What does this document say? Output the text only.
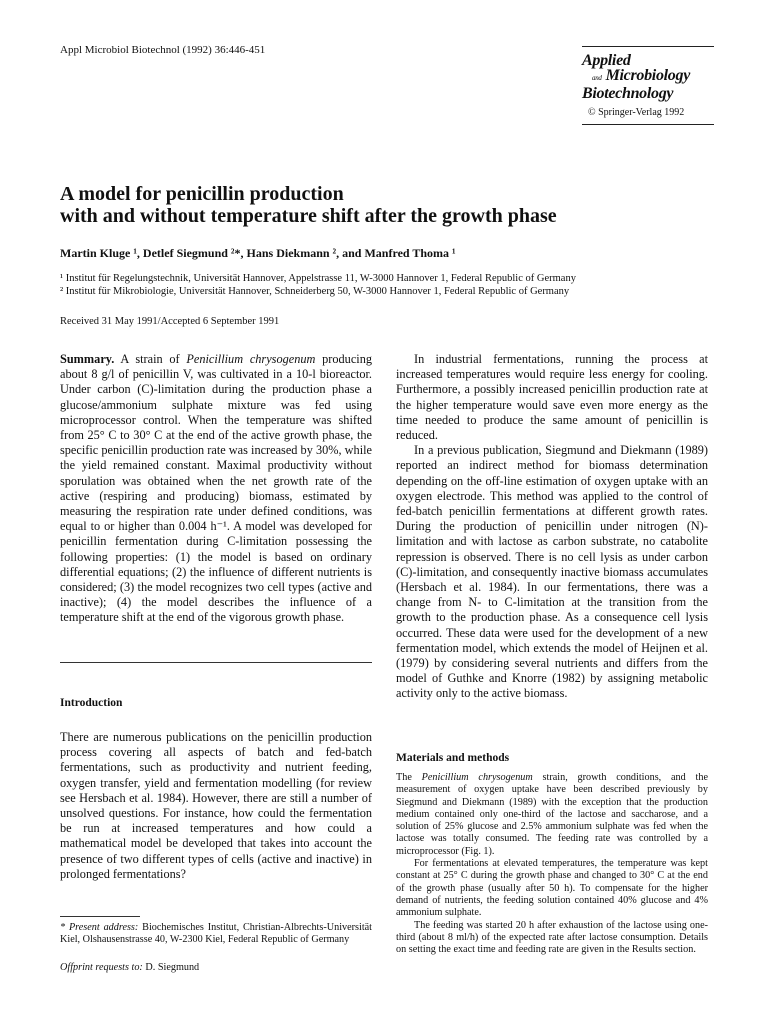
Appl Microbiol Biotechnol (1992) 36:446-451
Applied
and Microbiology
Biotechnology
© Springer-Verlag 1992
A model for penicillin production
with and without temperature shift after the growth phase
Martin Kluge ¹, Detlef Siegmund ²*, Hans Diekmann ², and Manfred Thoma ¹
¹ Institut für Regelungstechnik, Universität Hannover, Appelstrasse 11, W-3000 Hannover 1, Federal Republic of Germany
² Institut für Mikrobiologie, Universität Hannover, Schneiderberg 50, W-3000 Hannover 1, Federal Republic of Germany
Received 31 May 1991/Accepted 6 September 1991

Summary. A strain of Penicillium chrysogenum producing about 8 g/l of penicillin V, was cultivated in a 10-l bioreactor. Under carbon (C)-limitation during the production phase a glucose/ammonium sulphate mixture was fed using microprocessor control. When the temperature was shifted from 25° C to 30° C at the end of the active growth phase, the specific penicillin production rate was increased by 30%, while the yield remained constant. Maximal productivity without sporulation was obtained when the net growth rate of the active (respiring and producing) biomass, estimated by measuring the respiration rate under defined conditions, was equal to or higher than 0.004 h⁻¹. A model was developed for penicillin fermentation during C-limitation possessing the following properties: (1) the model is based on ordinary differential equations; (2) the influence of different nutrients is considered; (3) the model recognizes two cell types (active and inactive); (4) the model describes the influence of a temperature shift at the end of the vigorous growth phase.

Introduction

There are numerous publications on the penicillin production process covering all aspects of batch and fed-batch fermentations, such as productivity and nutrient feeding, oxygen transfer, yield and fermentation modelling (for review see Hersbach et al. 1984). However, there are still a number of unsolved questions. For instance, how could the fermentation be run at increased temperatures and how could a mathematical model be developed that takes into account the presence of two different types of cells (active and inactive) in prolonged fermentations?

In industrial fermentations, running the process at increased temperatures would require less energy for cooling. Furthermore, a possibly increased penicillin production rate at the higher temperature would save even more energy as the time needed to produce the same amount of penicillin is reduced.

In a previous publication, Siegmund and Diekmann (1989) reported an indirect method for biomass determination depending on the off-line estimation of oxygen uptake with an oxygen electrode. This method was applied to the control of fed-batch penicillin fermentations at different growth rates. During the production of penicillin under nitrogen (N)-limitation and with lactose as carbon substrate, no catabolite repression is observed. There is no cell lysis as under carbon (C)-limitation, and consequently inactive biomass accumulates (Hersbach et al. 1984). In our fermentations, there was a change from N- to C-limitation at the transition from the growth to the production phase. As a consequence cell lysis occurred. These data were used for the development of a new fermentation model, which extends the model of Heijnen et al. (1979) by considering several nutrients and differs from the model of Guthke and Knorre (1982) by assigning metabolic activity only to the active biomass.

Materials and methods

The Penicillium chrysogenum strain, growth conditions, and the measurement of oxygen uptake have been described previously by Siegmund and Diekmann (1989) with the exception that the production medium contained only one-third of the lactose and saccharose, and a solution of 25% glucose and 2.5% ammonium sulphate was fed when the lactose was totally consumed. The feeding rate was controlled by a microprocessor (Fig. 1).

For fermentations at elevated temperatures, the temperature was kept constant at 25° C during the growth phase and changed to 30° C at the end of the growth phase (usually after 50 h). To compensate for the higher demand of nutrients, the feeding solution contained 40% glucose and 4% ammonium sulphate.

The feeding was started 20 h after exhaustion of the lactose using one-third (about 8 ml/h) of the expected rate after lactose consumption. Details on setting the exact time and feeding rate are given in the Results section.

* Present address: Biochemisches Institut, Christian-Albrechts-Universität Kiel, Olshausenstrasse 40, W-2300 Kiel, Federal Republic of Germany
Offprint requests to: D. Siegmund
